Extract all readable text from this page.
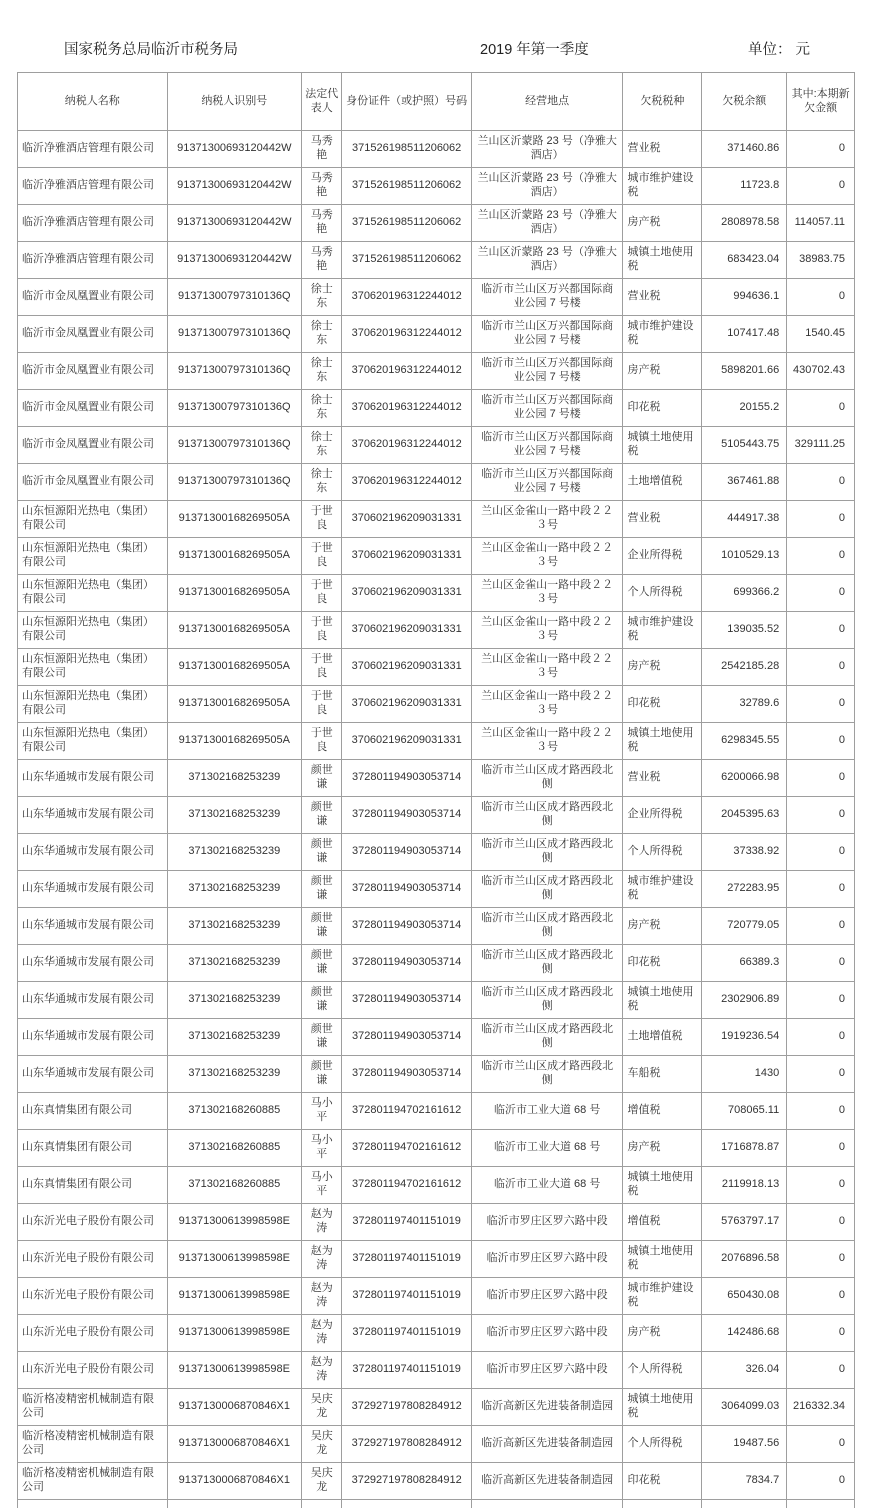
国家税务总局临沂市税务局	2019 年第一季度	单位： 元
纳税人名称	纳税人识别号	法定代表人	身份证件（或护照）号码	经营地点	欠税税种	欠税余额	其中:本期新欠金额
临沂净雅酒店管理有限公司	91371300693120442W	马秀艳	371526198511206062	兰山区沂蒙路 23 号（净雅大酒店）	营业税	371460.86	0
临沂净雅酒店管理有限公司	91371300693120442W	马秀艳	371526198511206062	兰山区沂蒙路 23 号（净雅大酒店）	城市维护建设税	11723.8	0
临沂净雅酒店管理有限公司	91371300693120442W	马秀艳	371526198511206062	兰山区沂蒙路 23 号（净雅大酒店）	房产税	2808978.58	114057.11
临沂净雅酒店管理有限公司	91371300693120442W	马秀艳	371526198511206062	兰山区沂蒙路 23 号（净雅大酒店）	城镇土地使用税	683423.04	38983.75
临沂市金凤凰置业有限公司	91371300797310136Q	徐士东	370620196312244012	临沂市兰山区万兴都国际商业公园 7 号楼	营业税	994636.1	0
临沂市金凤凰置业有限公司	91371300797310136Q	徐士东	370620196312244012	临沂市兰山区万兴都国际商业公园 7 号楼	城市维护建设税	107417.48	1540.45
临沂市金凤凰置业有限公司	91371300797310136Q	徐士东	370620196312244012	临沂市兰山区万兴都国际商业公园 7 号楼	房产税	5898201.66	430702.43
临沂市金凤凰置业有限公司	91371300797310136Q	徐士东	370620196312244012	临沂市兰山区万兴都国际商业公园 7 号楼	印花税	20155.2	0
临沂市金凤凰置业有限公司	91371300797310136Q	徐士东	370620196312244012	临沂市兰山区万兴都国际商业公园 7 号楼	城镇土地使用税	5105443.75	329111.25
临沂市金凤凰置业有限公司	91371300797310136Q	徐士东	370620196312244012	临沂市兰山区万兴都国际商业公园 7 号楼	土地增值税	367461.88	0
山东恒源阳光热电（集团）有限公司	91371300168269505A	于世良	370602196209031331	兰山区金雀山一路中段２２３号	营业税	444917.38	0
山东恒源阳光热电（集团）有限公司	91371300168269505A	于世良	370602196209031331	兰山区金雀山一路中段２２３号	企业所得税	1010529.13	0
山东恒源阳光热电（集团）有限公司	91371300168269505A	于世良	370602196209031331	兰山区金雀山一路中段２２３号	个人所得税	699366.2	0
山东恒源阳光热电（集团）有限公司	91371300168269505A	于世良	370602196209031331	兰山区金雀山一路中段２２３号	城市维护建设税	139035.52	0
山东恒源阳光热电（集团）有限公司	91371300168269505A	于世良	370602196209031331	兰山区金雀山一路中段２２３号	房产税	2542185.28	0
山东恒源阳光热电（集团）有限公司	91371300168269505A	于世良	370602196209031331	兰山区金雀山一路中段２２３号	印花税	32789.6	0
山东恒源阳光热电（集团）有限公司	91371300168269505A	于世良	370602196209031331	兰山区金雀山一路中段２２３号	城镇土地使用税	6298345.55	0
山东华通城市发展有限公司	371302168253239	颜世谦	372801194903053714	临沂市兰山区成才路西段北侧	营业税	6200066.98	0
山东华通城市发展有限公司	371302168253239	颜世谦	372801194903053714	临沂市兰山区成才路西段北侧	企业所得税	2045395.63	0
山东华通城市发展有限公司	371302168253239	颜世谦	372801194903053714	临沂市兰山区成才路西段北侧	个人所得税	37338.92	0
山东华通城市发展有限公司	371302168253239	颜世谦	372801194903053714	临沂市兰山区成才路西段北侧	城市维护建设税	272283.95	0
山东华通城市发展有限公司	371302168253239	颜世谦	372801194903053714	临沂市兰山区成才路西段北侧	房产税	720779.05	0
山东华通城市发展有限公司	371302168253239	颜世谦	372801194903053714	临沂市兰山区成才路西段北侧	印花税	66389.3	0
山东华通城市发展有限公司	371302168253239	颜世谦	372801194903053714	临沂市兰山区成才路西段北侧	城镇土地使用税	2302906.89	0
山东华通城市发展有限公司	371302168253239	颜世谦	372801194903053714	临沂市兰山区成才路西段北侧	土地增值税	1919236.54	0
山东华通城市发展有限公司	371302168253239	颜世谦	372801194903053714	临沂市兰山区成才路西段北侧	车船税	1430	0
山东真情集团有限公司	371302168260885	马小平	372801194702161612	临沂市工业大道 68 号	增值税	708065.11	0
山东真情集团有限公司	371302168260885	马小平	372801194702161612	临沂市工业大道 68 号	房产税	1716878.87	0
山东真情集团有限公司	371302168260885	马小平	372801194702161612	临沂市工业大道 68 号	城镇土地使用税	2119918.13	0
山东沂光电子股份有限公司	91371300613998598E	赵为涛	372801197401151019	临沂市罗庄区罗六路中段	增值税	5763797.17	0
山东沂光电子股份有限公司	91371300613998598E	赵为涛	372801197401151019	临沂市罗庄区罗六路中段	城镇土地使用税	2076896.58	0
山东沂光电子股份有限公司	91371300613998598E	赵为涛	372801197401151019	临沂市罗庄区罗六路中段	城市维护建设税	650430.08	0
山东沂光电子股份有限公司	91371300613998598E	赵为涛	372801197401151019	临沂市罗庄区罗六路中段	房产税	142486.68	0
山东沂光电子股份有限公司	91371300613998598E	赵为涛	372801197401151019	临沂市罗庄区罗六路中段	个人所得税	326.04	0
临沂格凌精密机械制造有限公司	9137130006870846X1	吴庆龙	372927197808284912	临沂高新区先进装备制造园	城镇土地使用税	3064099.03	216332.34
临沂格凌精密机械制造有限公司	9137130006870846X1	吴庆龙	372927197808284912	临沂高新区先进装备制造园	个人所得税	19487.56	0
临沂格凌精密机械制造有限公司	9137130006870846X1	吴庆龙	372927197808284912	临沂高新区先进装备制造园	印花税	7834.7	0
